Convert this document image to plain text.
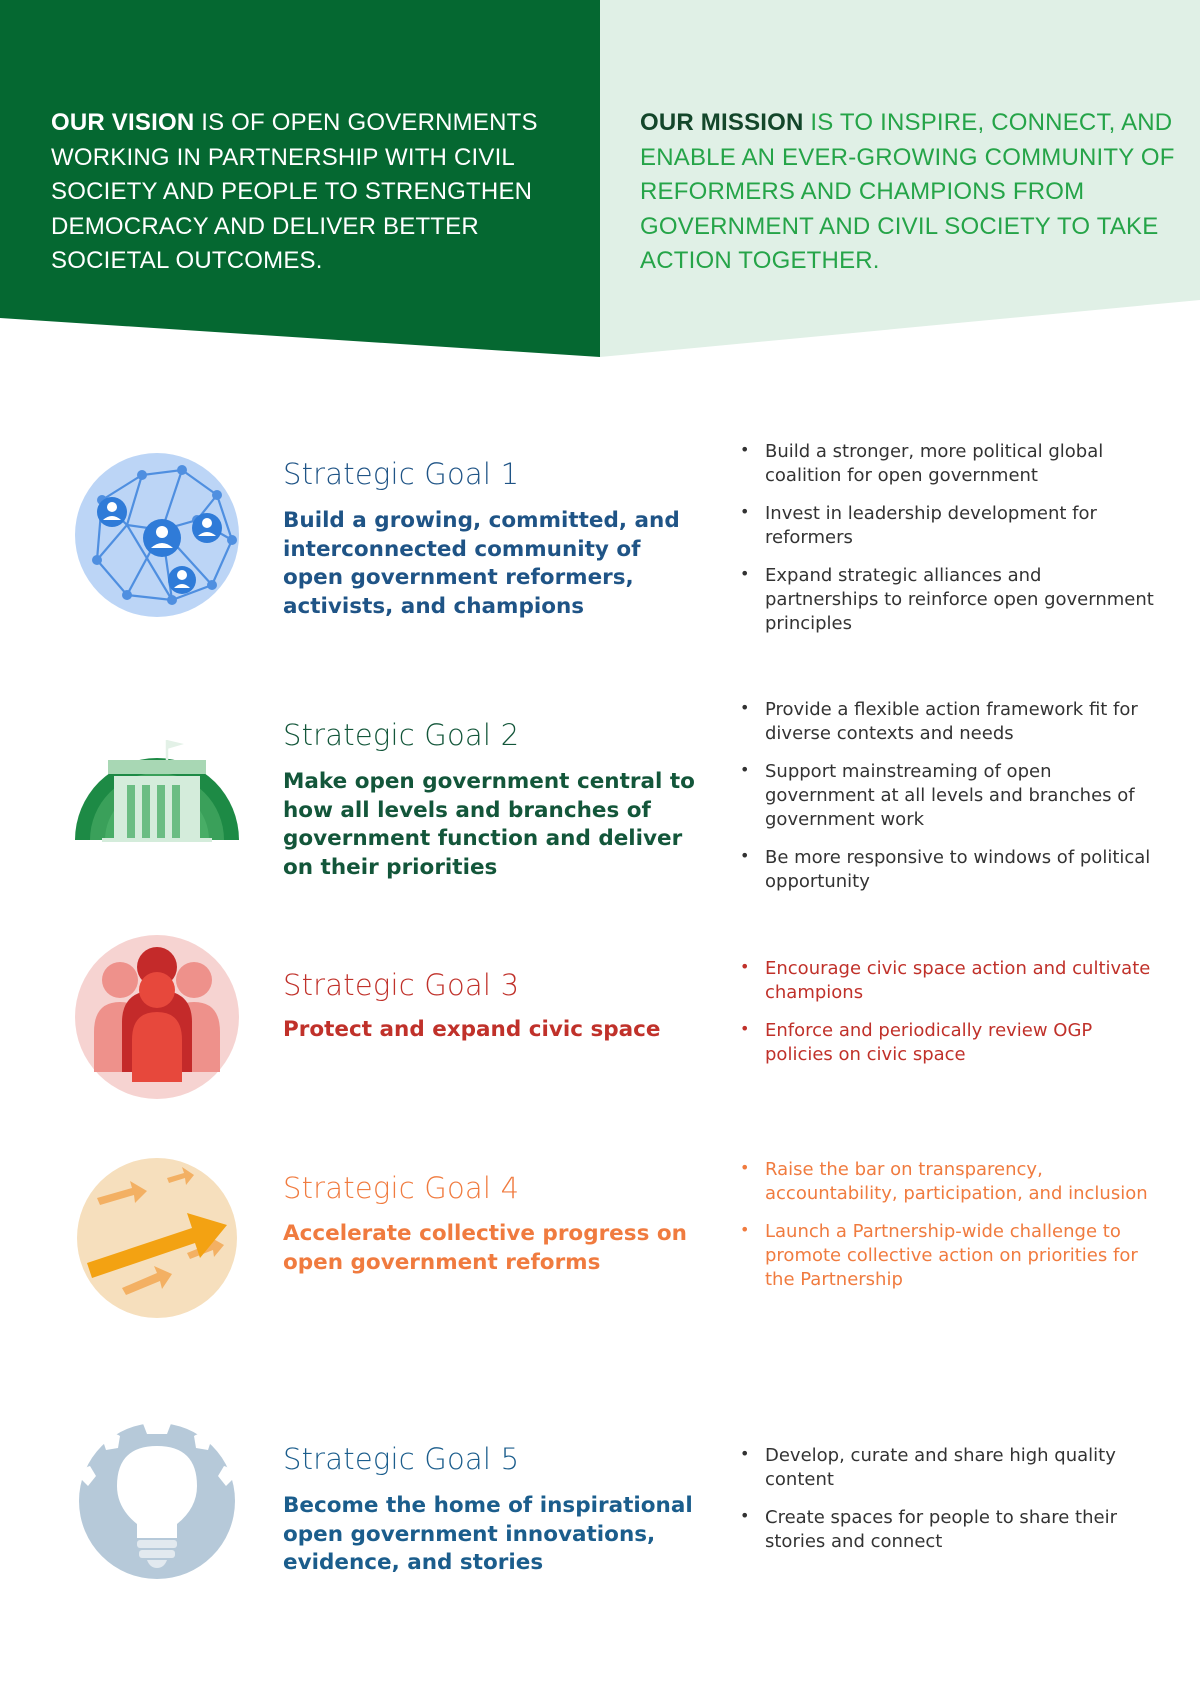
OUR VISION IS OF OPEN GOVERNMENTS WORKING IN PARTNERSHIP WITH CIVIL SOCIETY AND PEOPLE TO STRENGTHEN DEMOCRACY AND DELIVER BETTER SOCIETAL OUTCOMES.
OUR MISSION IS TO INSPIRE, CONNECT, AND ENABLE AN EVER-GROWING COMMUNITY OF REFORMERS AND CHAMPIONS FROM GOVERNMENT AND CIVIL SOCIETY TO TAKE ACTION TOGETHER.
Strategic Goal 1
Build a growing, committed, and interconnected community of open government reformers, activists, and champions
• Build a stronger, more political global coalition for open government
• Invest in leadership development for reformers
• Expand strategic alliances and partnerships to reinforce open government principles
Strategic Goal 2
Make open government central to how all levels and branches of government function and deliver on their priorities
• Provide a flexible action framework fit for diverse contexts and needs
• Support mainstreaming of open government at all levels and branches of government work
• Be more responsive to windows of political opportunity
Strategic Goal 3
Protect and expand civic space
• Encourage civic space action and cultivate champions
• Enforce and periodically review OGP policies on civic space
Strategic Goal 4
Accelerate collective progress on open government reforms
• Raise the bar on transparency, accountability, participation, and inclusion
• Launch a Partnership-wide challenge to promote collective action on priorities for the Partnership
Strategic Goal 5
Become the home of inspirational open government innovations, evidence, and stories
• Develop, curate and share high quality content
• Create spaces for people to share their stories and connect
